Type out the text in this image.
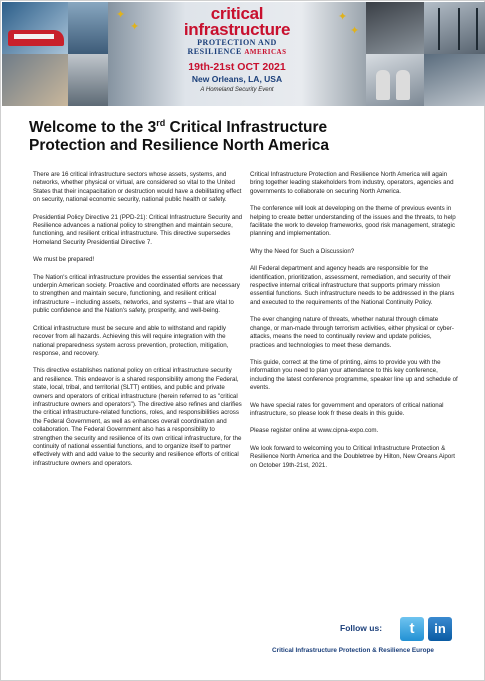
✦
✦
✦
✦
critical
infrastructure
PROTECTION AND
RESILIENCE AMERICAS
19th-21st OCT 2021
New Orleans, LA, USA
A Homeland Security Event
Welcome to the 3rd Critical Infrastructure
Protection and Resilience North America

There are 16 critical infrastructure sectors whose assets, systems, and networks, whether physical or virtual, are considered so vital to the United States that their incapacitation or destruction would have a debilitating effect on security, national economic security, national public health or safety.

Presidential Policy Directive 21 (PPD-21): Critical Infrastructure Security and Resilience advances a national policy to strengthen and maintain secure, functioning, and resilient critical infrastructure. This directive supersedes Homeland Security Presidential Directive 7.

We must be prepared!

The Nation's critical infrastructure provides the essential services that underpin American society. Proactive and coordinated efforts are necessary to strengthen and maintain secure, functioning, and resilient critical infrastructure – including assets, networks, and systems – that are vital to public confidence and the Nation's safety, prosperity, and well-being.

Critical infrastructure must be secure and able to withstand and rapidly recover from all hazards. Achieving this will require integration with the national preparedness system across prevention, protection, mitigation, response, and recovery.

This directive establishes national policy on critical infrastructure security and resilience. This endeavor is a shared responsibility among the Federal, state, local, tribal, and territorial (SLTT) entities, and public and private owners and operators of critical infrastructure (herein referred to as "critical infrastructure owners and operators"). The directive also refines and clarifies the critical infrastructure-related functions, roles, and responsibilities across the Federal Government, as well as enhances overall coordination and collaboration. The Federal Government also has a responsibility to strengthen the security and resilience of its own critical infrastructure, for the continuity of national essential functions, and to organize itself to partner effectively with and add value to the security and resilience efforts of critical infrastructure owners and operators.

Critical Infrastructure Protection and Resilience North America will again bring together leading stakeholders from industry, operators, agencies and governments to collaborate on securing North America.

The conference will look at developing on the theme of previous events in helping to create better understanding of the issues and the threats, to help facilitate the work to develop frameworks, good risk management, strategic planning and implementation.

Why the Need for Such a Discussion?

All Federal department and agency heads are responsible for the identification, prioritization, assessment, remediation, and security of their respective internal critical infrastructure that supports primary mission essential functions. Such infrastructure needs to be addressed in the plans and executed to the requirements of the National Continuity Policy.

The ever changing nature of threats, whether natural through climate change, or man-made through terrorism activities, either physical or cyber-attacks, means the need to continually review and update policies, practices and technologies to meet these demands.

This guide, correct at the time of printing, aims to provide you with the information you need to plan your attendance to this key conference, including the latest conference programme, speaker line up and schedule of events.

We have special rates for government and operators of critical national infrastructure, so please look fr these deals in this guide.

Please register online at www.cipna-expo.com.

We look forward to welcoming you to Critical Infrastructure Protection & Resilience North America and the Doubletree by Hilton, New Oreans Aiport on October 19th-21st, 2021.

Follow us:	t	in
Critical Infrastructure Protection & Resilience Europe
